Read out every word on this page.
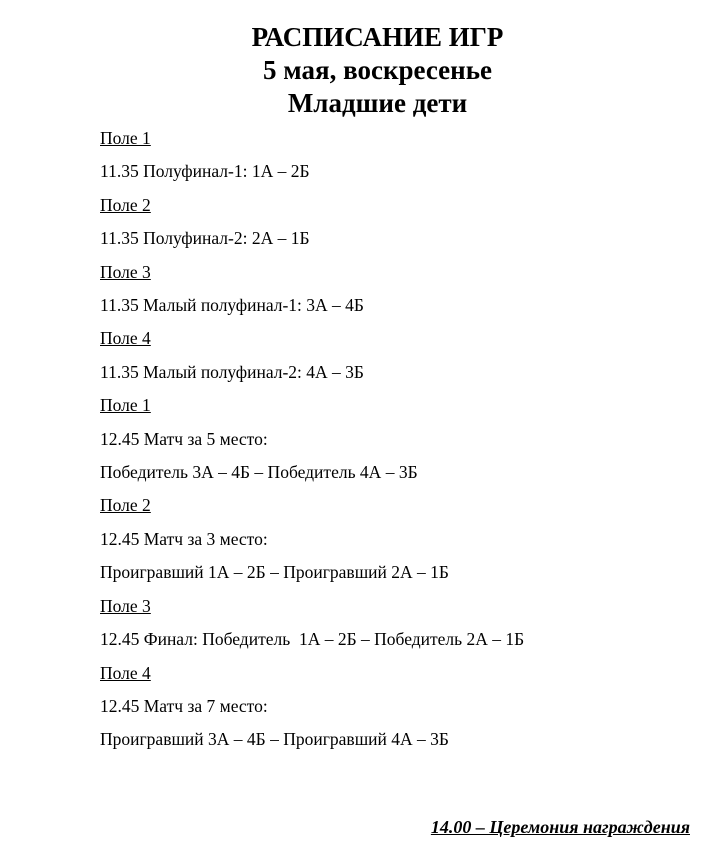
РАСПИСАНИЕ ИГР
5 мая, воскресенье
Младшие дети

Поле 1

11.35 Полуфинал-1: 1А – 2Б

Поле 2

11.35 Полуфинал-2: 2А – 1Б

Поле 3

11.35 Малый полуфинал-1: 3А – 4Б

Поле 4

11.35 Малый полуфинал-2: 4А – 3Б

Поле 1

12.45 Матч за 5 место:

Победитель 3А – 4Б – Победитель 4А – 3Б

Поле 2

12.45 Матч за 3 место:

Проигравший 1А – 2Б – Проигравший 2А – 1Б

Поле 3

12.45 Финал: Победитель  1А – 2Б – Победитель 2А – 1Б

Поле 4

12.45 Матч за 7 место:

Проигравший 3А – 4Б – Проигравший 4А – 3Б

14.00 – Церемония награждения
